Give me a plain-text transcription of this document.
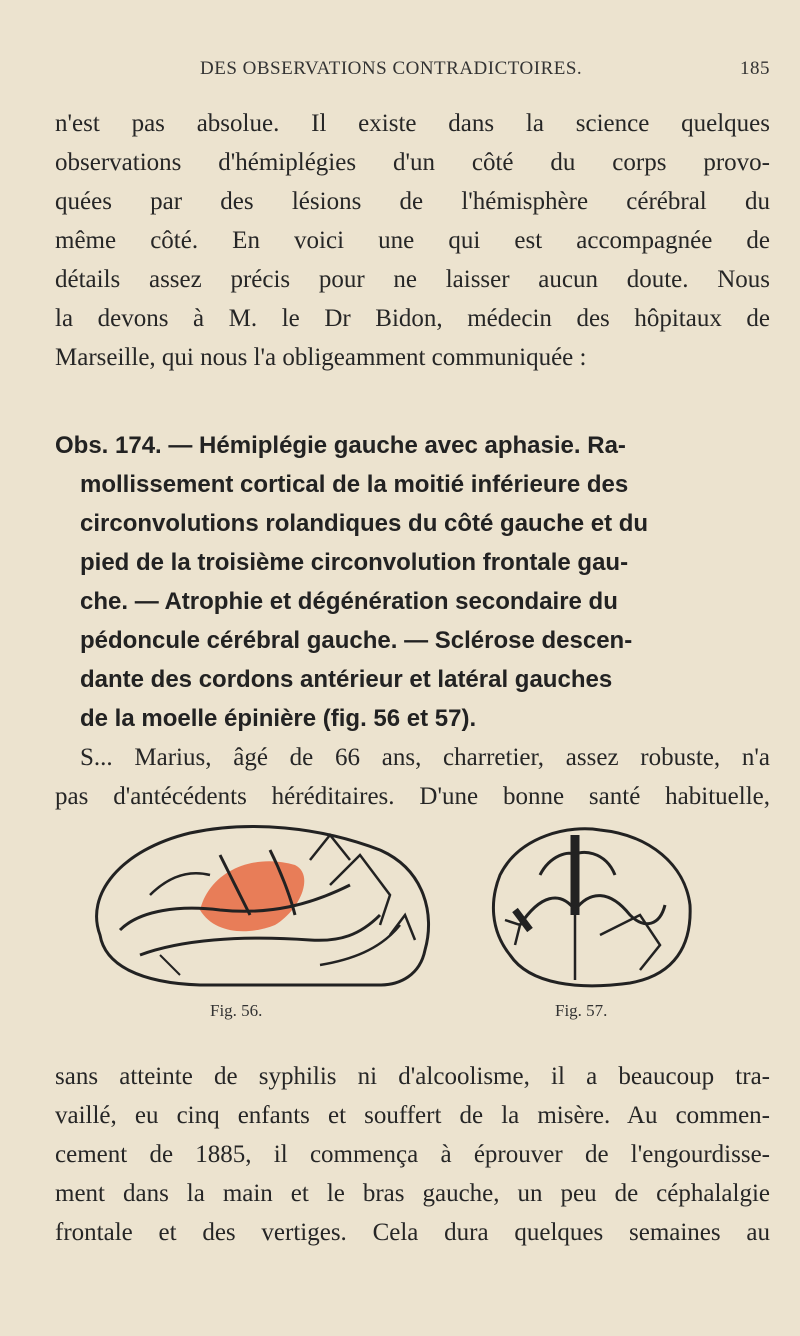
DES OBSERVATIONS CONTRADICTOIRES.	185
n'est pas absolue. Il existe dans la science quelques
observations d'hémiplégies d'un côté du corps provo-
quées par des lésions de l'hémisphère cérébral du
même côté. En voici une qui est accompagnée de
détails assez précis pour ne laisser aucun doute. Nous
la devons à M. le Dr Bidon, médecin des hôpitaux de
Marseille, qui nous l'a obligeamment communiquée :
Obs. 174. — Hémiplégie gauche avec aphasie. Ra-
mollissement cortical de la moitié inférieure des
circonvolutions rolandiques du côté gauche et du
pied de la troisième circonvolution frontale gau-
che. — Atrophie et dégénération secondaire du
pédoncule cérébral gauche. — Sclérose descen-
dante des cordons antérieur et latéral gauches
de la moelle épinière (fig. 56 et 57).
S... Marius, âgé de 66 ans, charretier, assez robuste, n'a
pas d'antécédents héréditaires. D'une bonne santé habituelle,
Fig. 56.	Fig. 57.
sans atteinte de syphilis ni d'alcoolisme, il a beaucoup tra-
vaillé, eu cinq enfants et souffert de la misère. Au commen-
cement de 1885, il commença à éprouver de l'engourdisse-
ment dans la main et le bras gauche, un peu de céphalalgie
frontale et des vertiges. Cela dura quelques semaines au
